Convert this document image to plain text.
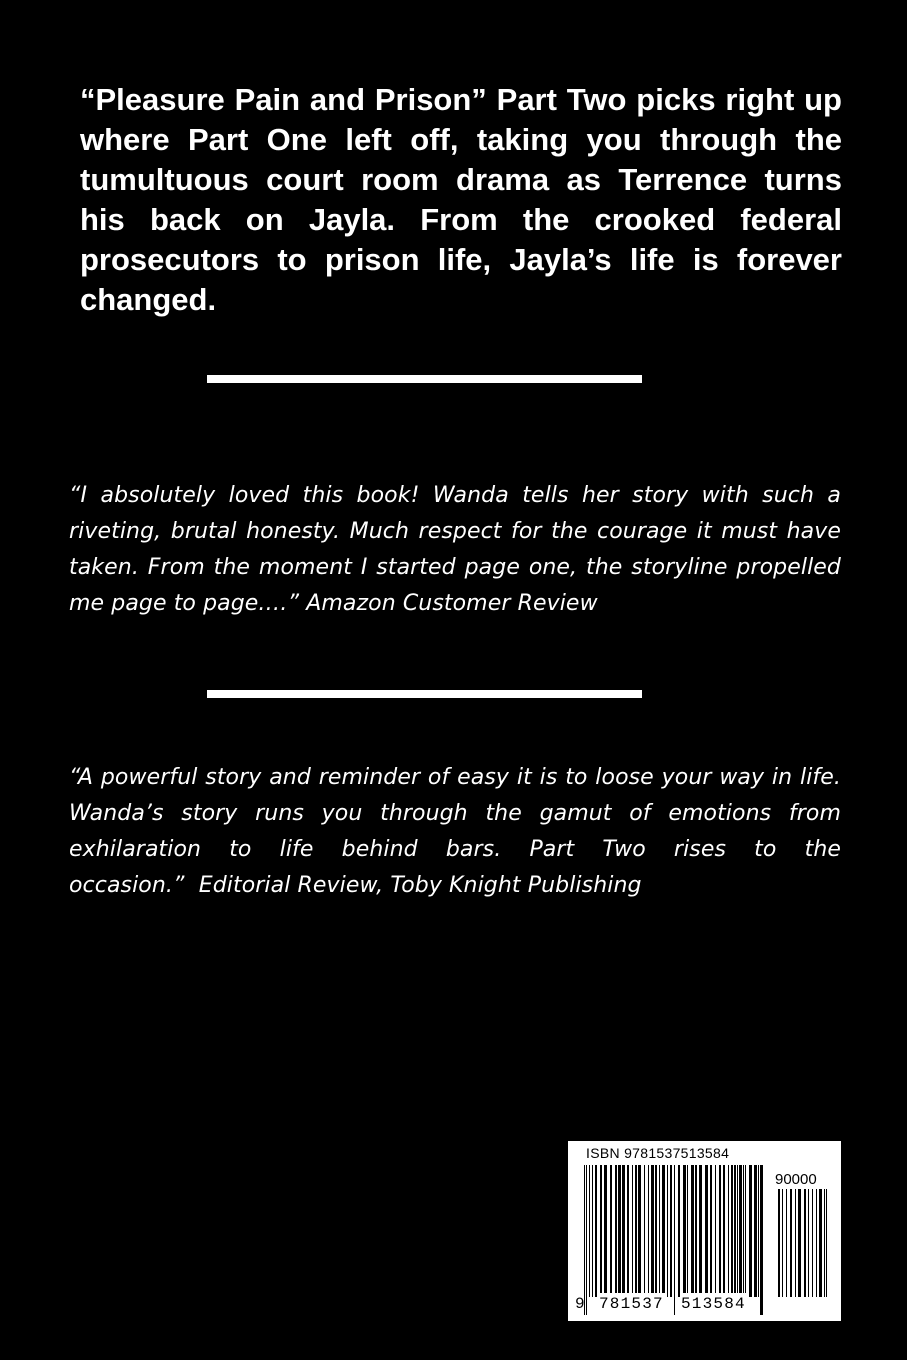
“Pleasure Pain and Prison” Part Two picks right up where Part One left off, taking you through the tumultuous court room drama as Terrence turns his back on Jayla. From the crooked federal prosecutors to prison life, Jayla’s life is forever changed.

“I absolutely loved this book! Wanda tells her story with such a riveting, brutal honesty. Much respect for the courage it must have taken. From the moment I started page one, the storyline propelled me page to page.…” Amazon Customer Review

“A powerful story and reminder of easy it is to loose your way in life. Wanda’s story runs you through the gamut of emotions from exhilaration to life behind bars. Part Two rises to the occasion.” Editorial Review, Toby Knight Publishing

ISBN 9781537513584
90000
9 781537 513584
